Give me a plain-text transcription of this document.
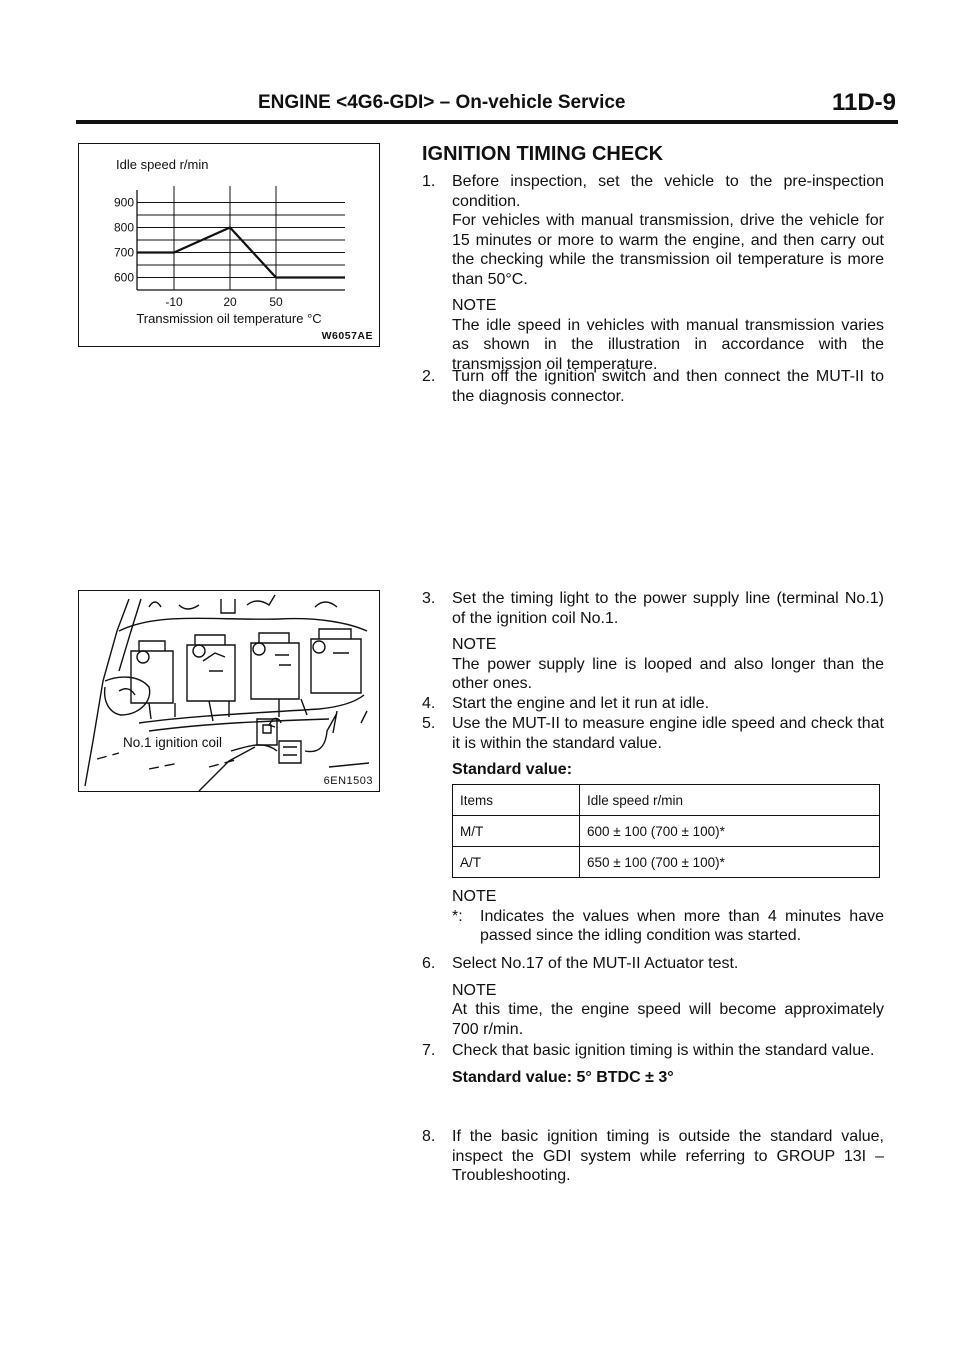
ENGINE <4G6-GDI> – On-vehicle Service	11D-9
Idle speed r/min
900
800
700
600
-10	20	50
Transmission oil temperature °C
W6057AE
No.1 ignition coil
6EN1503
IGNITION TIMING CHECK
1.	Before inspection, set the vehicle to the pre-inspection condition.

For vehicles with manual transmission, drive the vehicle for 15 minutes or more to warm the engine, and then carry out the checking while the transmission oil temperature is more than 50°C.

NOTE

The idle speed in vehicles with manual transmission varies as shown in the illustration in accordance with the transmission oil temperature.

2.	Turn off the ignition switch and then connect the MUT-II to the diagnosis connector.

3.	Set the timing light to the power supply line (terminal No.1) of the ignition coil No.1.

NOTE

The power supply line is looped and also longer than the other ones.

4.	Start the engine and let it run at idle.

5.	Use the MUT-II to measure engine idle speed and check that it is within the standard value.

Standard value:
Items	Idle speed r/min
M/T	600 ± 100 (700 ± 100)*
A/T	650 ± 100 (700 ± 100)*
NOTE
*: Indicates the values when more than 4 minutes have passed since the idling condition was started.
6.	Select No.17 of the MUT-II Actuator test.

NOTE

At this time, the engine speed will become approximately 700 r/min.

7.	Check that basic ignition timing is within the standard value.

Standard value: 5° BTDC ± 3°

8.	If the basic ignition timing is outside the standard value, inspect the GDI system while referring to GROUP 13I – Troubleshooting.
